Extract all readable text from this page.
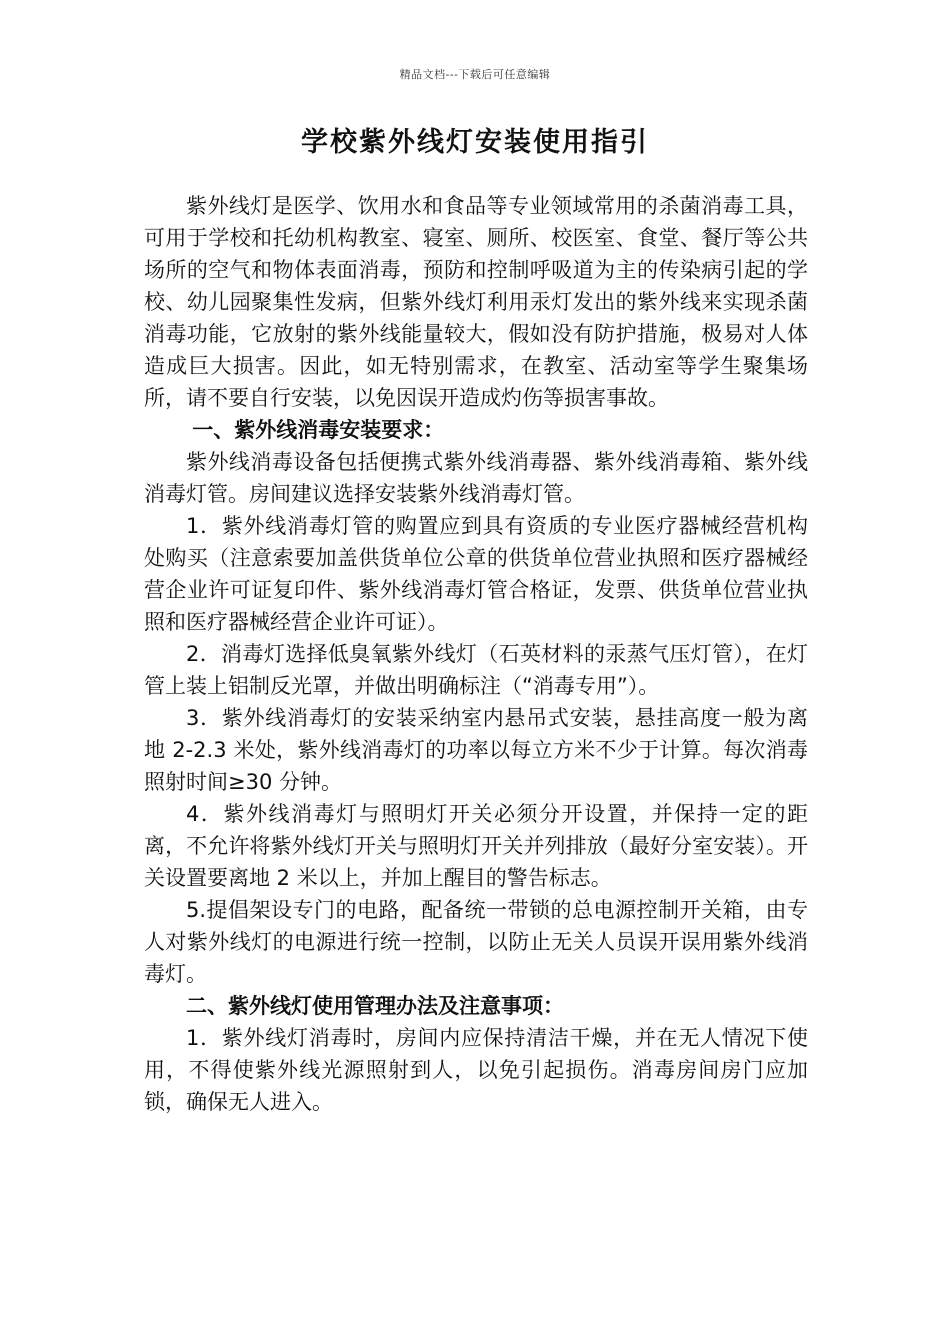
精品文档---下载后可任意编辑
学校紫外线灯安装使用指引

紫外线灯是医学、饮用水和食品等专业领域常用的杀菌消毒工具，可用于学校和托幼机构教室、寝室、厕所、校医室、食堂、餐厅等公共场所的空气和物体表面消毒，预防和控制呼吸道为主的传染病引起的学校、幼儿园聚集性发病，但紫外线灯利用汞灯发出的紫外线来实现杀菌消毒功能，它放射的紫外线能量较大，假如没有防护措施，极易对人体造成巨大损害。因此，如无特别需求，在教室、活动室等学生聚集场所，请不要自行安装，以免因误开造成灼伤等损害事故。

一、紫外线消毒安装要求：

紫外线消毒设备包括便携式紫外线消毒器、紫外线消毒箱、紫外线消毒灯管。房间建议选择安装紫外线消毒灯管。

1．紫外线消毒灯管的购置应到具有资质的专业医疗器械经营机构处购买（注意索要加盖供货单位公章的供货单位营业执照和医疗器械经营企业许可证复印件、紫外线消毒灯管合格证，发票、供货单位营业执照和医疗器械经营企业许可证）。

2．消毒灯选择低臭氧紫外线灯（石英材料的汞蒸气压灯管），在灯管上装上铝制反光罩，并做出明确标注（“消毒专用”）。

3．紫外线消毒灯的安装采纳室内悬吊式安装，悬挂高度一般为离地 2-2.3 米处，紫外线消毒灯的功率以每立方米不少于计算。每次消毒照射时间≥30 分钟。

4．紫外线消毒灯与照明灯开关必须分开设置，并保持一定的距离，不允许将紫外线灯开关与照明灯开关并列排放（最好分室安装）。开关设置要离地 2 米以上，并加上醒目的警告标志。

5.提倡架设专门的电路，配备统一带锁的总电源控制开关箱，由专人对紫外线灯的电源进行统一控制，以防止无关人员误开误用紫外线消毒灯。

二、紫外线灯使用管理办法及注意事项：

1．紫外线灯消毒时，房间内应保持清洁干燥，并在无人情况下使用，不得使紫外线光源照射到人，以免引起损伤。消毒房间房门应加锁，确保无人进入。
